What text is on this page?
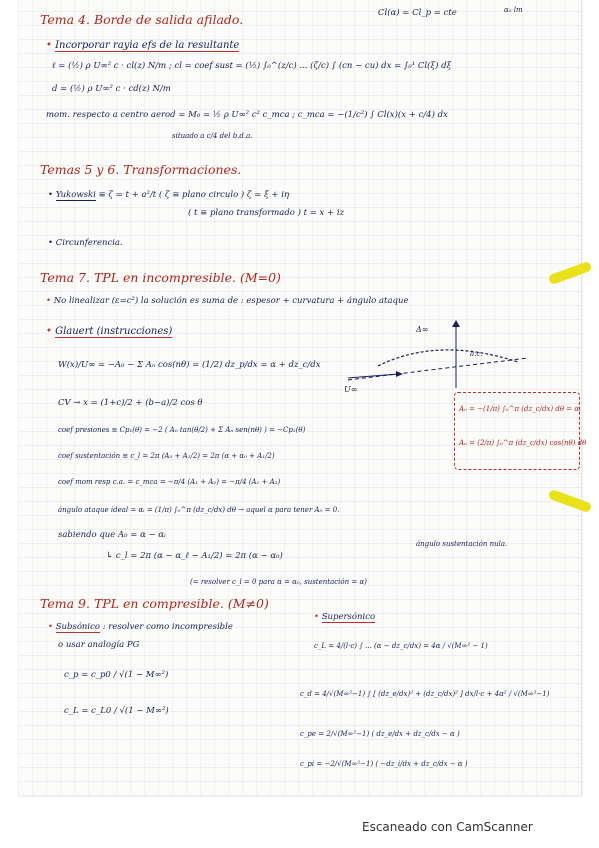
Tema 4. Borde de salida afilado.	Cl(α) = Cl_p = cte	α₀ lm
• Incorporar rayia efs de la resultante
ℓ = (½) ρ U∞² c · cl(z) N/m ; cl = coef sust = (½) ∫₀^(z/c) ... (ζ/c) ∫ (cn − cu) dx = ∫₀¹ Cl(ξ) dξ
d = (½) ρ U∞² c · cd(z) N/m
mom. respecto a centro aerod = M₀ = ½ ρ U∞² c² c_mca ; c_mca = −(1/c²) ∫ Cl(x)(x + c/4) dx
situado a c/4 del b.d.a.
Temas 5 y 6. Transformaciones.
• Yukowski ≡ ζ = t + a²/t ( ζ ≡ plano circulo ) ζ = ξ + iη
( t ≡ plano transformado ) t = x + iz
• Circunferencia.
Tema 7. TPL en incompresible. (M=0)
• No linealizar (ε=c²) la solución es suma de : espesor + curvatura + ángulo ataque
• Glauert (instrucciones)
W(x)/U∞ = −A₀ − Σ Aₙ cos(nθ) = (1/2) dz_p/dx = α + dz_c/dx
CV → x = (1+c)/2 + (b−a)/2 cos θ
coef presiones ≡ Cp₁(θ) = −2 ( A₀ tan(θ/2) + Σ Aₙ sen(nθ) ) = −Cp₂(θ)
coef sustentación ≡ c_l = 2π (A₀ + A₁/2) = 2π (α + α₀ + A₁/2)
coef mom resp c.a. = c_mca = −π/4 (A₁ + A₂) = −π/4 (A₁ + A₂)
ángulo ataque ideal = αᵢ = (1/π) ∫₀^π (dz_c/dx) dθ → aquel α para tener A₀ = 0.
sabiendo que A₀ = α − αᵢ
↳ c_l = 2π (α − α_ℓ − A₁/2) = 2π (α − α₀)
ángulo sustentación nula.
(= resolver c_l = 0 para α = α₀, sustentación = α)
U∞
Δ∞
a.c.
A₀ = −(1/π) ∫₀^π (dz_c/dx) dθ = αᵢ
Aₙ = (2/π) ∫₀^π (dz_c/dx) cos(nθ) dθ
Tema 9. TPL en compresible. (M≠0)
• Subsónico : resolver como incompresible
o usar analogía PG
c_p = c_p0 / √(1 − M∞²)
c_L = c_L0 / √(1 − M∞²)
• Supersónico
c_L = 4/(l·c) ∫ ... (α − dz_c/dx) = 4α / √(M∞² − 1)
c_d = 4/√(M∞²−1) ∫ [ (dz_e/dx)² + (dz_c/dx)² ] dx/l·c + 4α² / √(M∞²−1)
c_pe = 2/√(M∞²−1) ( dz_e/dx + dz_c/dx − α )
c_pi = −2/√(M∞²−1) ( −dz_i/dx + dz_c/dx − α )
Escaneado con CamScanner
